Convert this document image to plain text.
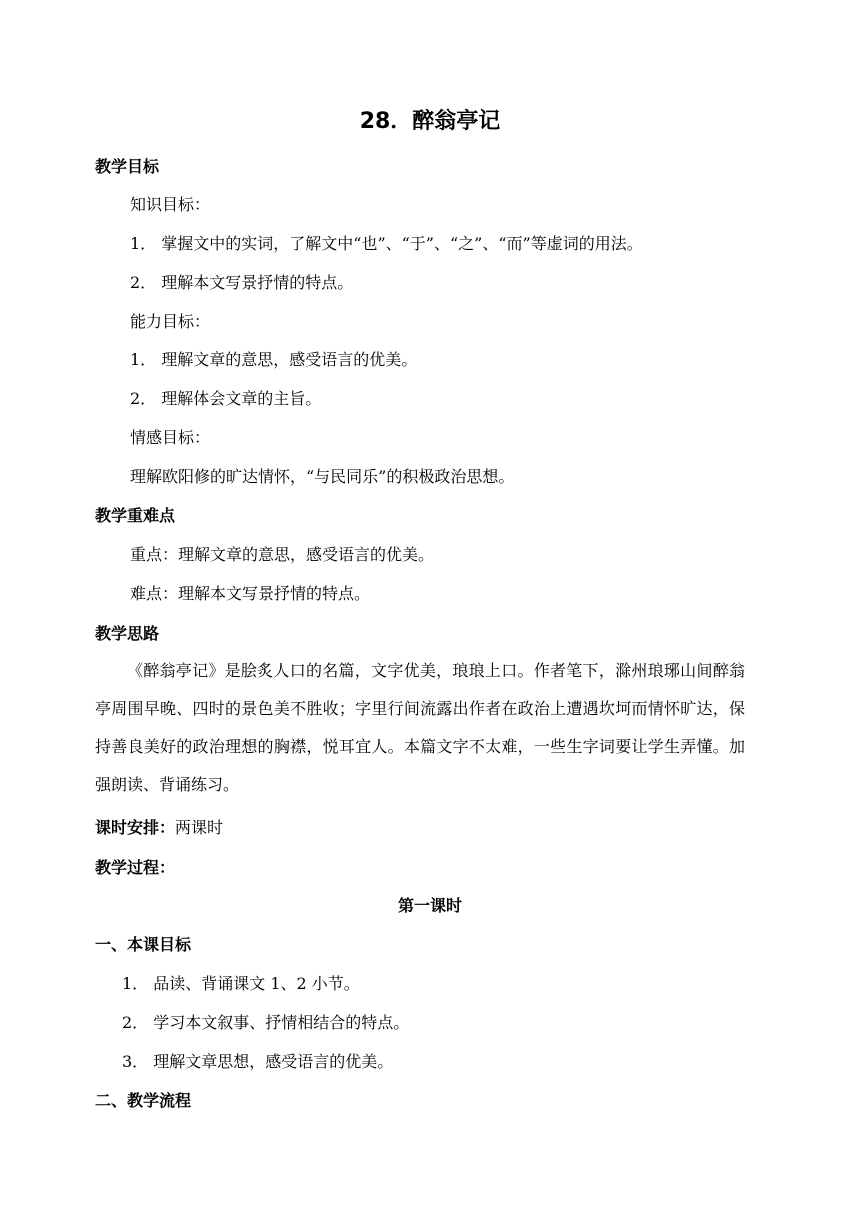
28．醉翁亭记
教学目标
知识目标：
1． 掌握文中的实词，了解文中“也”、“于”、“之”、“而”等虚词的用法。
2． 理解本文写景抒情的特点。
能力目标：
1． 理解文章的意思，感受语言的优美。
2． 理解体会文章的主旨。
情感目标：
理解欧阳修的旷达情怀，“与民同乐”的积极政治思想。
教学重难点
重点：理解文章的意思，感受语言的优美。
难点：理解本文写景抒情的特点。
教学思路
《醉翁亭记》是脍炙人口的名篇，文字优美，琅琅上口。作者笔下，滁州琅琊山间醉翁亭周围早晚、四时的景色美不胜收；字里行间流露出作者在政治上遭遇坎坷而情怀旷达，保持善良美好的政治理想的胸襟，悦耳宜人。本篇文字不太难，一些生字词要让学生弄懂。加强朗读、背诵练习。
课时安排： 两课时
教学过程：
第一课时
一、本课目标
1． 品读、背诵课文 1、2 小节。
2． 学习本文叙事、抒情相结合的特点。
3． 理解文章思想，感受语言的优美。
二、教学流程
